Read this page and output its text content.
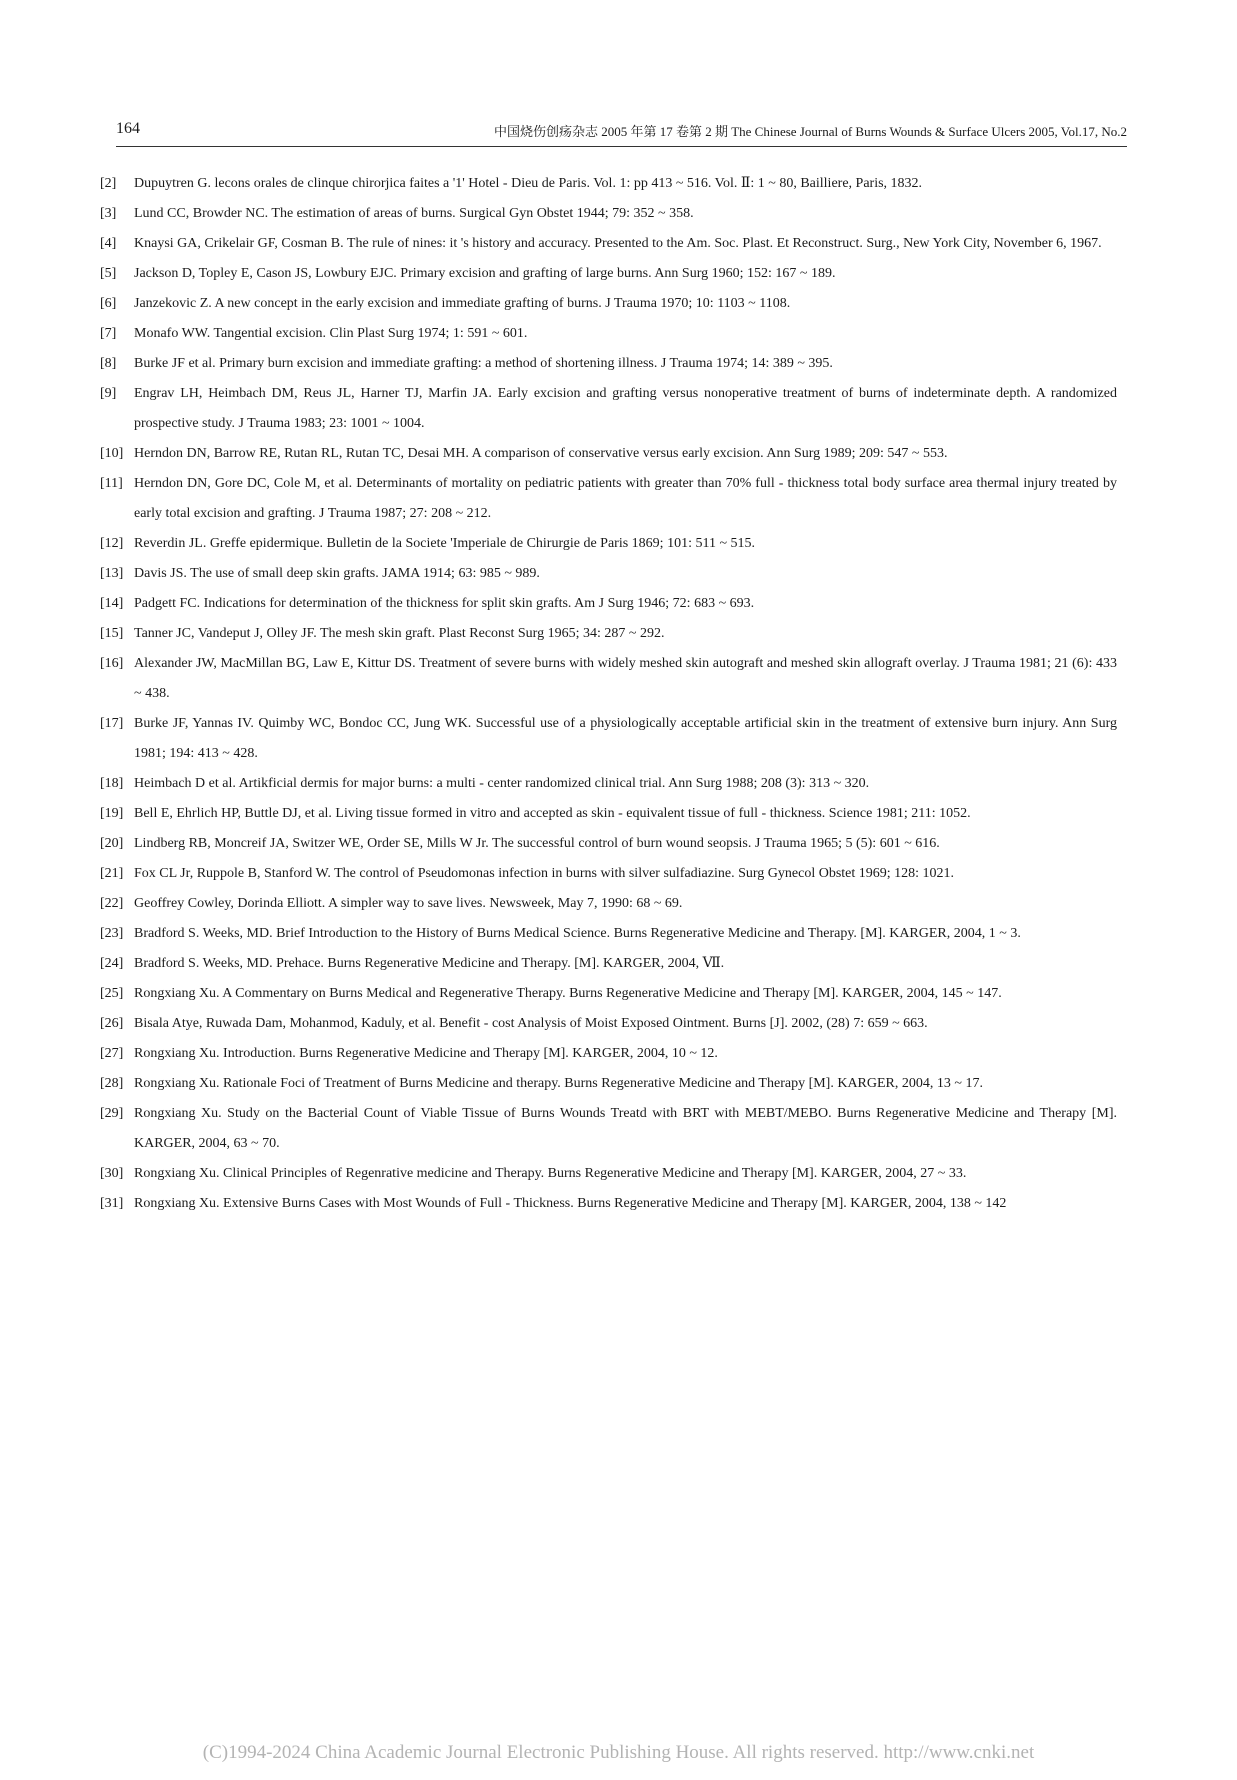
164	中国烧伤创疡杂志 2005 年第 17 卷第 2 期 The Chinese Journal of Burns Wounds & Surface Ulcers 2005, Vol.17, No.2

[2] Dupuytren G. lecons orales de clinque chirorjica faites a '1' Hotel - Dieu de Paris. Vol. 1: pp 413 ~ 516. Vol. Ⅱ: 1 ~ 80, Bailliere, Paris, 1832.

[3] Lund CC, Browder NC. The estimation of areas of burns. Surgical Gyn Obstet 1944; 79: 352 ~ 358.

[4] Knaysi GA, Crikelair GF, Cosman B. The rule of nines: it 's history and accuracy. Presented to the Am. Soc. Plast. Et Reconstruct. Surg., New York City, November 6, 1967.

[5] Jackson D, Topley E, Cason JS, Lowbury EJC. Primary excision and grafting of large burns. Ann Surg 1960; 152: 167 ~ 189.

[6] Janzekovic Z. A new concept in the early excision and immediate grafting of burns. J Trauma 1970; 10: 1103 ~ 1108.

[7] Monafo WW. Tangential excision. Clin Plast Surg 1974; 1: 591 ~ 601.

[8] Burke JF et al. Primary burn excision and immediate grafting: a method of shortening illness. J Trauma 1974; 14: 389 ~ 395.

[9] Engrav LH, Heimbach DM, Reus JL, Harner TJ, Marfin JA. Early excision and grafting versus nonoperative treatment of burns of indeterminate depth. A randomized prospective study. J Trauma 1983; 23: 1001 ~ 1004.

[10] Herndon DN, Barrow RE, Rutan RL, Rutan TC, Desai MH. A comparison of conservative versus early excision. Ann Surg 1989; 209: 547 ~ 553.

[11] Herndon DN, Gore DC, Cole M, et al. Determinants of mortality on pediatric patients with greater than 70% full - thickness total body surface area thermal injury treated by early total excision and grafting. J Trauma 1987; 27: 208 ~ 212.

[12] Reverdin JL. Greffe epidermique. Bulletin de la Societe 'Imperiale de Chirurgie de Paris 1869; 101: 511 ~ 515.

[13] Davis JS. The use of small deep skin grafts. JAMA 1914; 63: 985 ~ 989.

[14] Padgett FC. Indications for determination of the thickness for split skin grafts. Am J Surg 1946; 72: 683 ~ 693.

[15] Tanner JC, Vandeput J, Olley JF. The mesh skin graft. Plast Reconst Surg 1965; 34: 287 ~ 292.

[16] Alexander JW, MacMillan BG, Law E, Kittur DS. Treatment of severe burns with widely meshed skin autograft and meshed skin allograft overlay. J Trauma 1981; 21 (6): 433 ~ 438.

[17] Burke JF, Yannas IV. Quimby WC, Bondoc CC, Jung WK. Successful use of a physiologically acceptable artificial skin in the treatment of extensive burn injury. Ann Surg 1981; 194: 413 ~ 428.

[18] Heimbach D et al. Artikficial dermis for major burns: a multi - center randomized clinical trial. Ann Surg 1988; 208 (3): 313 ~ 320.

[19] Bell E, Ehrlich HP, Buttle DJ, et al. Living tissue formed in vitro and accepted as skin - equivalent tissue of full - thickness. Science 1981; 211: 1052.

[20] Lindberg RB, Moncreif JA, Switzer WE, Order SE, Mills W Jr. The successful control of burn wound seopsis. J Trauma 1965; 5 (5): 601 ~ 616.

[21] Fox CL Jr, Ruppole B, Stanford W. The control of Pseudomonas infection in burns with silver sulfadiazine. Surg Gynecol Obstet 1969; 128: 1021.

[22] Geoffrey Cowley, Dorinda Elliott. A simpler way to save lives. Newsweek, May 7, 1990: 68 ~ 69.

[23] Bradford S. Weeks, MD. Brief Introduction to the History of Burns Medical Science. Burns Regenerative Medicine and Therapy. [M]. KARGER, 2004, 1 ~ 3.

[24] Bradford S. Weeks, MD. Prehace. Burns Regenerative Medicine and Therapy. [M]. KARGER, 2004, Ⅶ.

[25] Rongxiang Xu. A Commentary on Burns Medical and Regenerative Therapy. Burns Regenerative Medicine and Therapy [M]. KARGER, 2004, 145 ~ 147.

[26] Bisala Atye, Ruwada Dam, Mohanmod, Kaduly, et al. Benefit - cost Analysis of Moist Exposed Ointment. Burns [J]. 2002, (28) 7: 659 ~ 663.

[27] Rongxiang Xu. Introduction. Burns Regenerative Medicine and Therapy [M]. KARGER, 2004, 10 ~ 12.

[28] Rongxiang Xu. Rationale Foci of Treatment of Burns Medicine and therapy. Burns Regenerative Medicine and Therapy [M]. KARGER, 2004, 13 ~ 17.

[29] Rongxiang Xu. Study on the Bacterial Count of Viable Tissue of Burns Wounds Treatd with BRT with MEBT/MEBO. Burns Regenerative Medicine and Therapy [M]. KARGER, 2004, 63 ~ 70.

[30] Rongxiang Xu. Clinical Principles of Regenrative medicine and Therapy. Burns Regenerative Medicine and Therapy [M]. KARGER, 2004, 27 ~ 33.

[31] Rongxiang Xu. Extensive Burns Cases with Most Wounds of Full - Thickness. Burns Regenerative Medicine and Therapy [M]. KARGER, 2004, 138 ~ 142

(C)1994-2024 China Academic Journal Electronic Publishing House. All rights reserved. http://www.cnki.net
